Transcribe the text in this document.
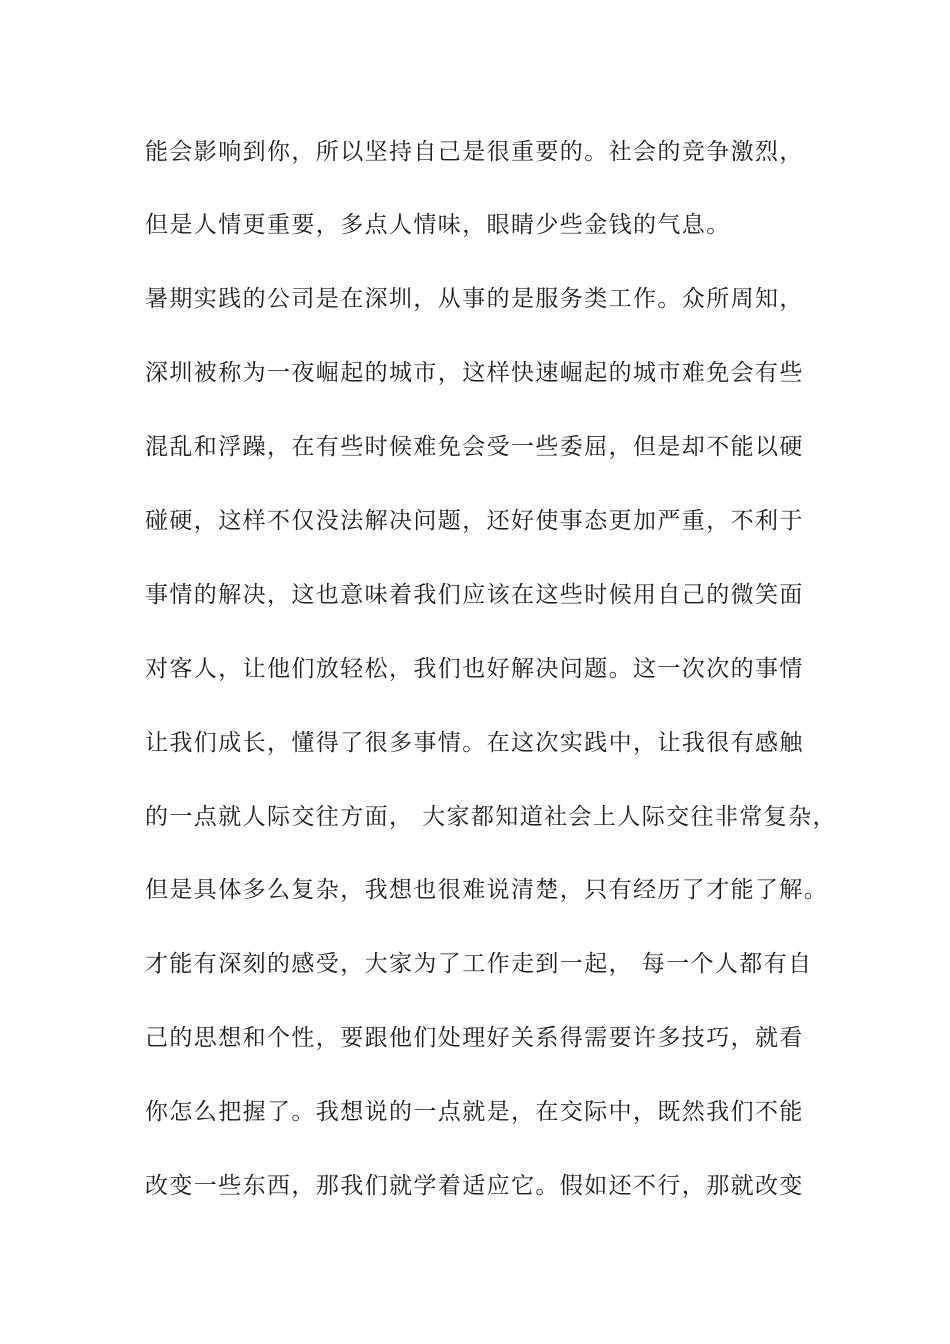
能会影响到你，所以坚持自己是很重要的。社会的竞争激烈，
但是人情更重要，多点人情味，眼睛少些金钱的气息。
暑期实践的公司是在深圳，从事的是服务类工作。众所周知，
深圳被称为一夜崛起的城市，这样快速崛起的城市难免会有些
混乱和浮躁，在有些时候难免会受一些委屈，但是却不能以硬
碰硬，这样不仅没法解决问题，还好使事态更加严重，不利于
事情的解决，这也意味着我们应该在这些时候用自己的微笑面
对客人，让他们放轻松，我们也好解决问题。这一次次的事情
让我们成长，懂得了很多事情。在这次实践中，让我很有感触
的一点就人际交往方面， 大家都知道社会上人际交往非常复杂，
但是具体多么复杂，我想也很难说清楚，只有经历了才能了解。
才能有深刻的感受，大家为了工作走到一起， 每一个人都有自
己的思想和个性，要跟他们处理好关系得需要许多技巧，就看
你怎么把握了。我想说的一点就是，在交际中，既然我们不能
改变一些东西，那我们就学着适应它。假如还不行，那就改变
